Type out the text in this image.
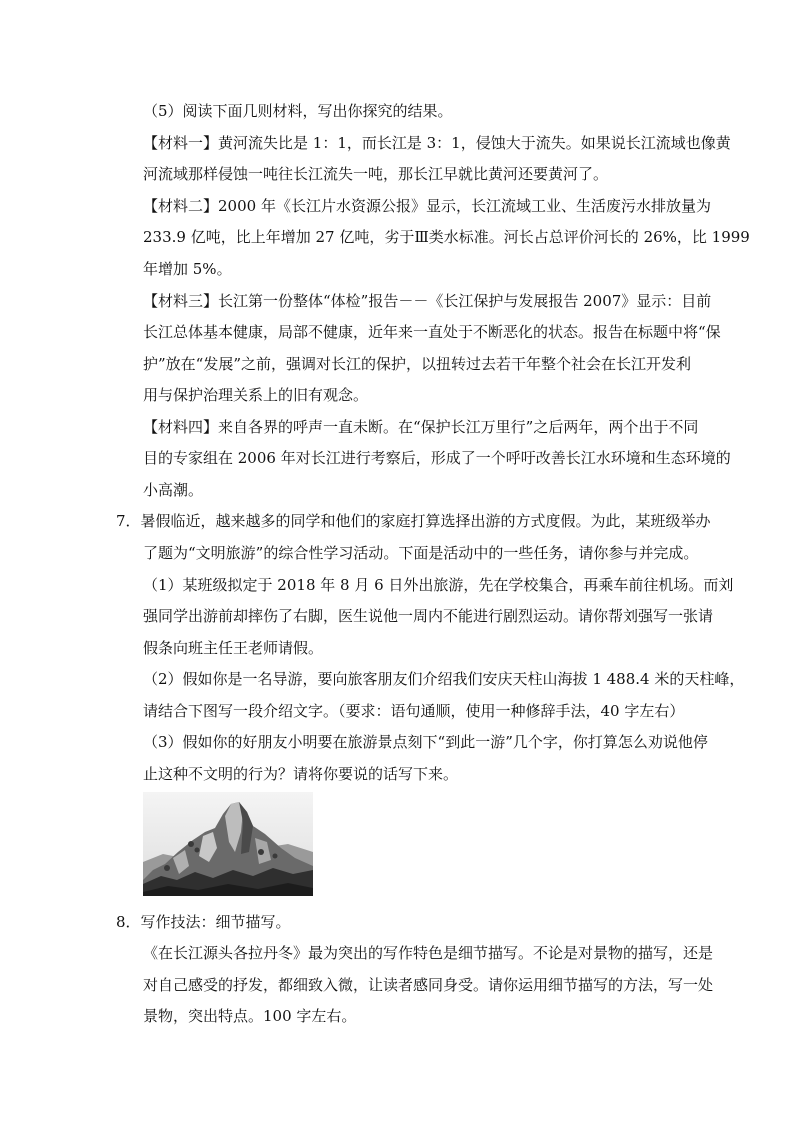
（5）阅读下面几则材料，写出你探究的结果。
【材料一】黄河流失比是 1：1，而长江是 3：1，侵蚀大于流失。如果说长江流域也像黄
河流域那样侵蚀一吨往长江流失一吨，那长江早就比黄河还要黄河了。
【材料二】2000 年《长江片水资源公报》显示，长江流域工业、生活废污水排放量为
233.9 亿吨，比上年增加 27 亿吨，劣于Ⅲ类水标准。河长占总评价河长的 26%，比 1999
年增加 5%。
【材料三】长江第一份整体“体检”报告－－《长江保护与发展报告 2007》显示：目前
长江总体基本健康，局部不健康，近年来一直处于不断恶化的状态。报告在标题中将“保
护”放在“发展”之前，强调对长江的保护，以扭转过去若干年整个社会在长江开发利
用与保护治理关系上的旧有观念。
【材料四】来自各界的呼声一直未断。在“保护长江万里行”之后两年，两个出于不同
目的专家组在 2006 年对长江进行考察后，形成了一个呼吁改善长江水环境和生态环境的
小高潮。
7．暑假临近，越来越多的同学和他们的家庭打算选择出游的方式度假。为此，某班级举办
了题为“文明旅游”的综合性学习活动。下面是活动中的一些任务，请你参与并完成。
（1）某班级拟定于 2018 年 8 月 6 日外出旅游，先在学校集合，再乘车前往机场。而刘
强同学出游前却摔伤了右脚，医生说他一周内不能进行剧烈运动。请你帮刘强写一张请
假条向班主任王老师请假。
（2）假如你是一名导游，要向旅客朋友们介绍我们安庆天柱山海拔 1 488.4 米的天柱峰，
请结合下图写一段介绍文字。（要求：语句通顺，使用一种修辞手法，40 字左右）
（3）假如你的好朋友小明要在旅游景点刻下“到此一游”几个字，你打算怎么劝说他停
止这种不文明的行为？请将你要说的话写下来。
8．写作技法：细节描写。
《在长江源头各拉丹冬》最为突出的写作特色是细节描写。不论是对景物的描写，还是
对自己感受的抒发，都细致入微，让读者感同身受。请你运用细节描写的方法，写一处
景物，突出特点。100 字左右。
